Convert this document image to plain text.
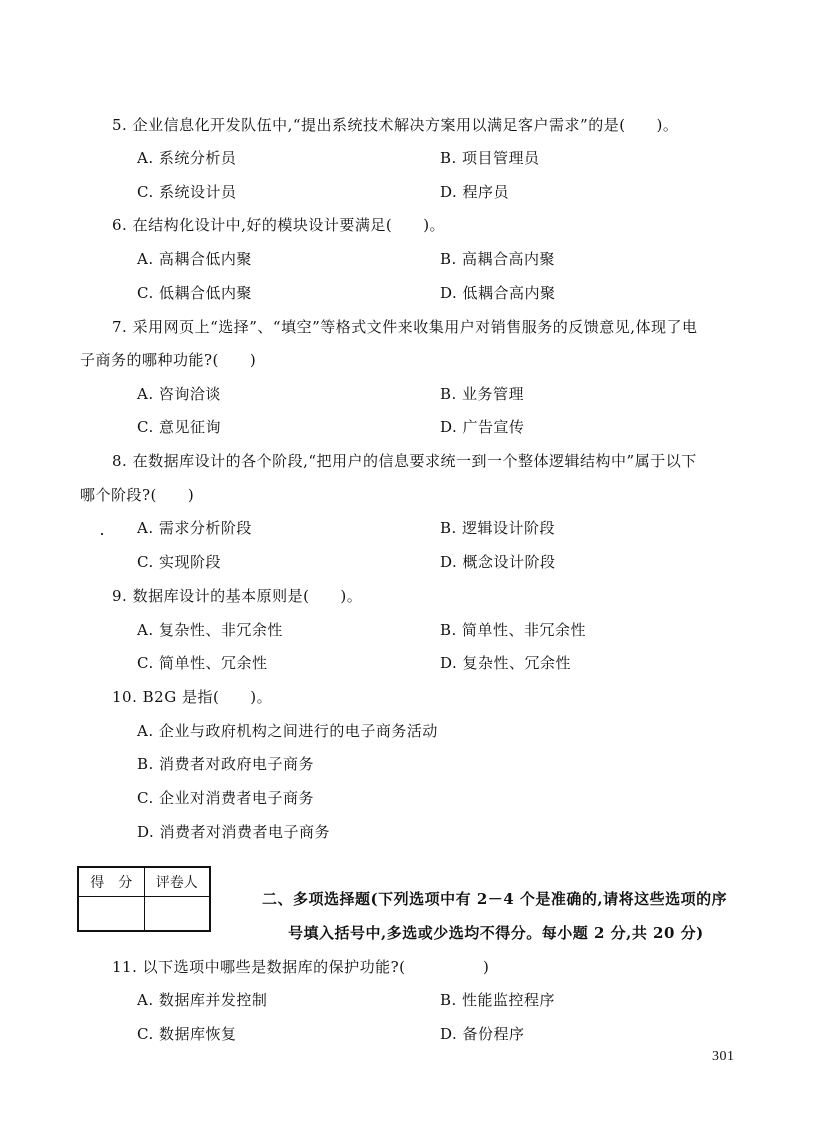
5. 企业信息化开发队伍中,“提出系统技术解决方案用以满足客户需求”的是(　　)。
A. 系统分析员	B. 项目管理员
C. 系统设计员	D. 程序员
6. 在结构化设计中,好的模块设计要满足(　　)。
A. 高耦合低内聚	B. 高耦合高内聚
C. 低耦合低内聚	D. 低耦合高内聚
7. 采用网页上“选择”、“填空”等格式文件来收集用户对销售服务的反馈意见,体现了电
子商务的哪种功能?(　　)
A. 咨询洽谈	B. 业务管理
C. 意见征询	D. 广告宣传
8. 在数据库设计的各个阶段,“把用户的信息要求统一到一个整体逻辑结构中”属于以下
哪个阶段?(　　)
A. 需求分析阶段	B. 逻辑设计阶段
C. 实现阶段	D. 概念设计阶段
9. 数据库设计的基本原则是(　　)。
A. 复杂性、非冗余性	B. 简单性、非冗余性
C. 简单性、冗余性	D. 复杂性、冗余性
10. B2G 是指(　　)。
A. 企业与政府机构之间进行的电子商务活动
B. 消费者对政府电子商务
C. 企业对消费者电子商务
D. 消费者对消费者电子商务
得　分	评卷人

二、多项选择题(下列选项中有 2－4 个是准确的,请将这些选项的序
号填入括号中,多选或少选均不得分。每小题 2 分,共 20 分)
11. 以下选项中哪些是数据库的保护功能?(　　　　　)
A. 数据库并发控制	B. 性能监控程序
C. 数据库恢复	D. 备份程序
301
